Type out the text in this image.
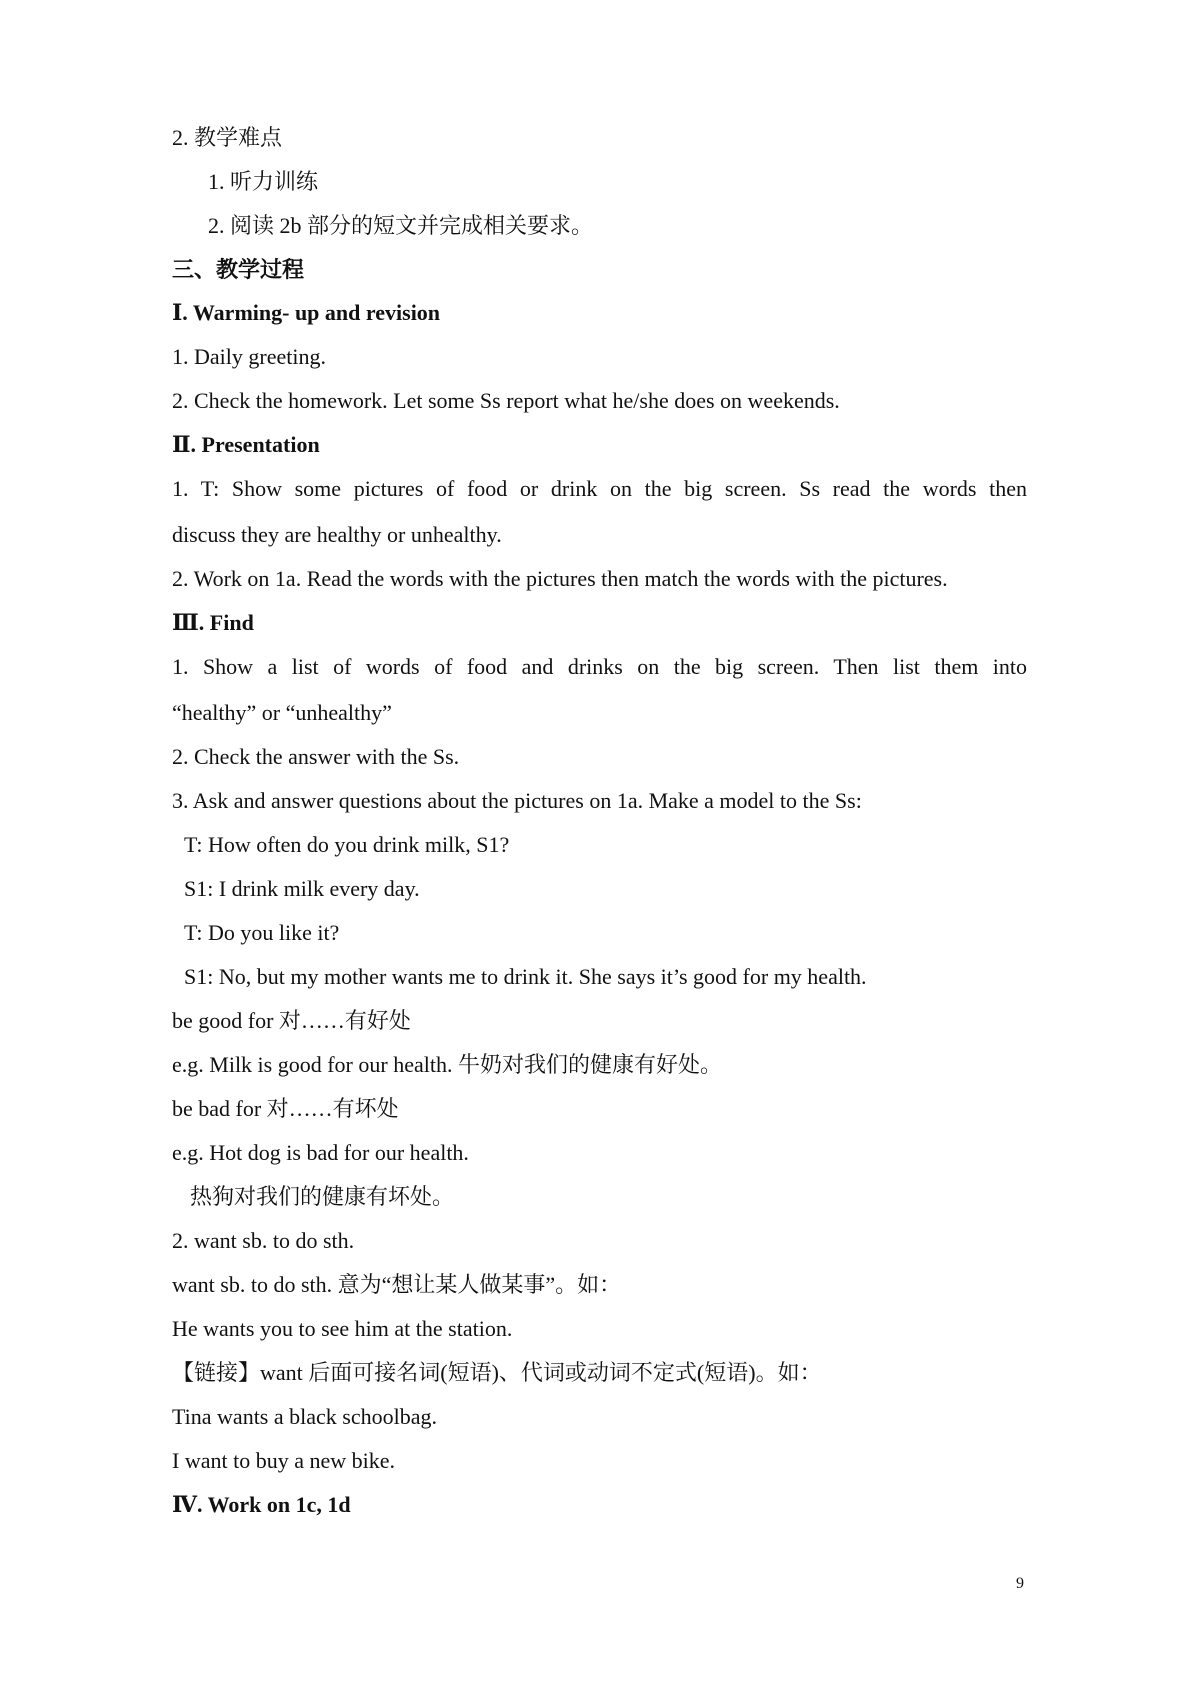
2. 教学难点
1. 听力训练
2. 阅读 2b 部分的短文并完成相关要求。
三、教学过程
Ⅰ. Warming- up and revision
1. Daily greeting.
2. Check the homework. Let some Ss report what he/she does on weekends.
Ⅱ. Presentation
1. T: Show some pictures of food or drink on the big screen. Ss read the words then
discuss they are healthy or unhealthy.
2. Work on 1a. Read the words with the pictures then match the words with the pictures.
Ⅲ. Find
1. Show a list of words of food and drinks on the big screen. Then list them into
“healthy” or “unhealthy”
2. Check the answer with the Ss.
3. Ask and answer questions about the pictures on 1a. Make a model to the Ss:
T: How often do you drink milk, S1?
S1: I drink milk every day.
T: Do you like it?
S1: No, but my mother wants me to drink it. She says it’s good for my health.
be good for 对……有好处
e.g. Milk is good for our health. 牛奶对我们的健康有好处。
be bad for 对……有坏处
e.g. Hot dog is bad for our health.
热狗对我们的健康有坏处。
2. want sb. to do sth.
want sb. to do sth. 意为“想让某人做某事”。如：
He wants you to see him at the station.
【链接】want 后面可接名词(短语)、代词或动词不定式(短语)。如：
Tina wants a black schoolbag.
I want to buy a new bike.
Ⅳ. Work on 1c, 1d
9
